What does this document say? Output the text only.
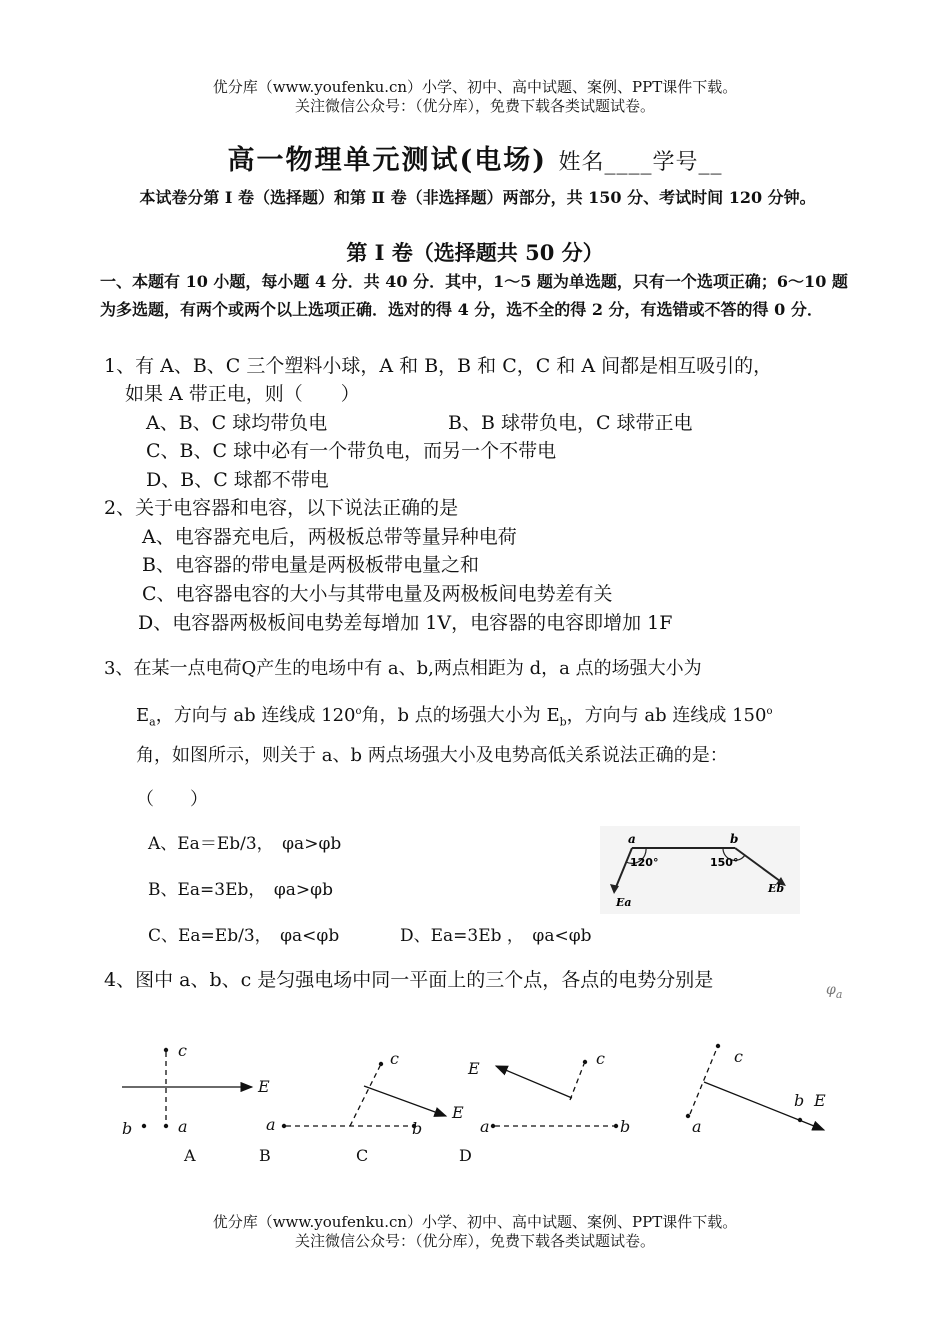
优分库（www.youfenku.cn）小学、初中、高中试题、案例、PPT课件下载。
关注微信公众号：（优分库），免费下载各类试题试卷。
高一物理单元测试(电场) 姓名____学号__
本试卷分第 I 卷（选择题）和第 Ⅱ 卷（非选择题）两部分，共 150 分、考试时间 120 分钟。
第 I 卷（选择题共 50 分）
一、本题有 10 小题，每小题 4 分．共 40 分．其中，1～5 题为单选题，只有一个选项正确；6～10 题为多选题，有两个或两个以上选项正确．选对的得 4 分，选不全的得 2 分，有选错或不答的得 0 分．
1、有 A、B、C 三个塑料小球，A 和 B，B 和 C，C 和 A 间都是相互吸引的，
如果 A 带正电，则（　　）
A、B、C 球均带负电	B、B 球带负电，C 球带正电
C、B、C 球中必有一个带负电，而另一个不带电
D、B、C 球都不带电
2、关于电容器和电容，以下说法正确的是
A、电容器充电后，两极板总带等量异种电荷
B、电容器的带电量是两极板带电量之和
C、电容器电容的大小与其带电量及两极板间电势差有关
D、电容器两极板间电势差每增加 1V，电容器的电容即增加 1F
3、在某一点电荷Q产生的电场中有 a、b,两点相距为 d，a 点的场强大小为
$E_a$，方向与 ab 连线成 120$^o$角，b 点的场强大小为 $E_b$，方向与 ab 连线成 150$^o$
角，如图所示，则关于 a、b 两点场强大小及电势高低关系说法正确的是：
（　　）
A、Ea＝Eb/3，　φa>φb
B、Ea=3Eb，　φa>φb
C、Ea=Eb/3，　φa<φb	D、Ea=3Eb ，　φa<φb
a	b
120°	150°
Ea
Eb
4、图中 a、b、c 是匀强电场中同一平面上的三个点，各点的电势分别是	$\varphi_a$
c
E
b	a
A
a	b
c
E
B	C
a	b
c
E
D
c
a
b E
优分库（www.youfenku.cn）小学、初中、高中试题、案例、PPT课件下载。
关注微信公众号：（优分库），免费下载各类试题试卷。
